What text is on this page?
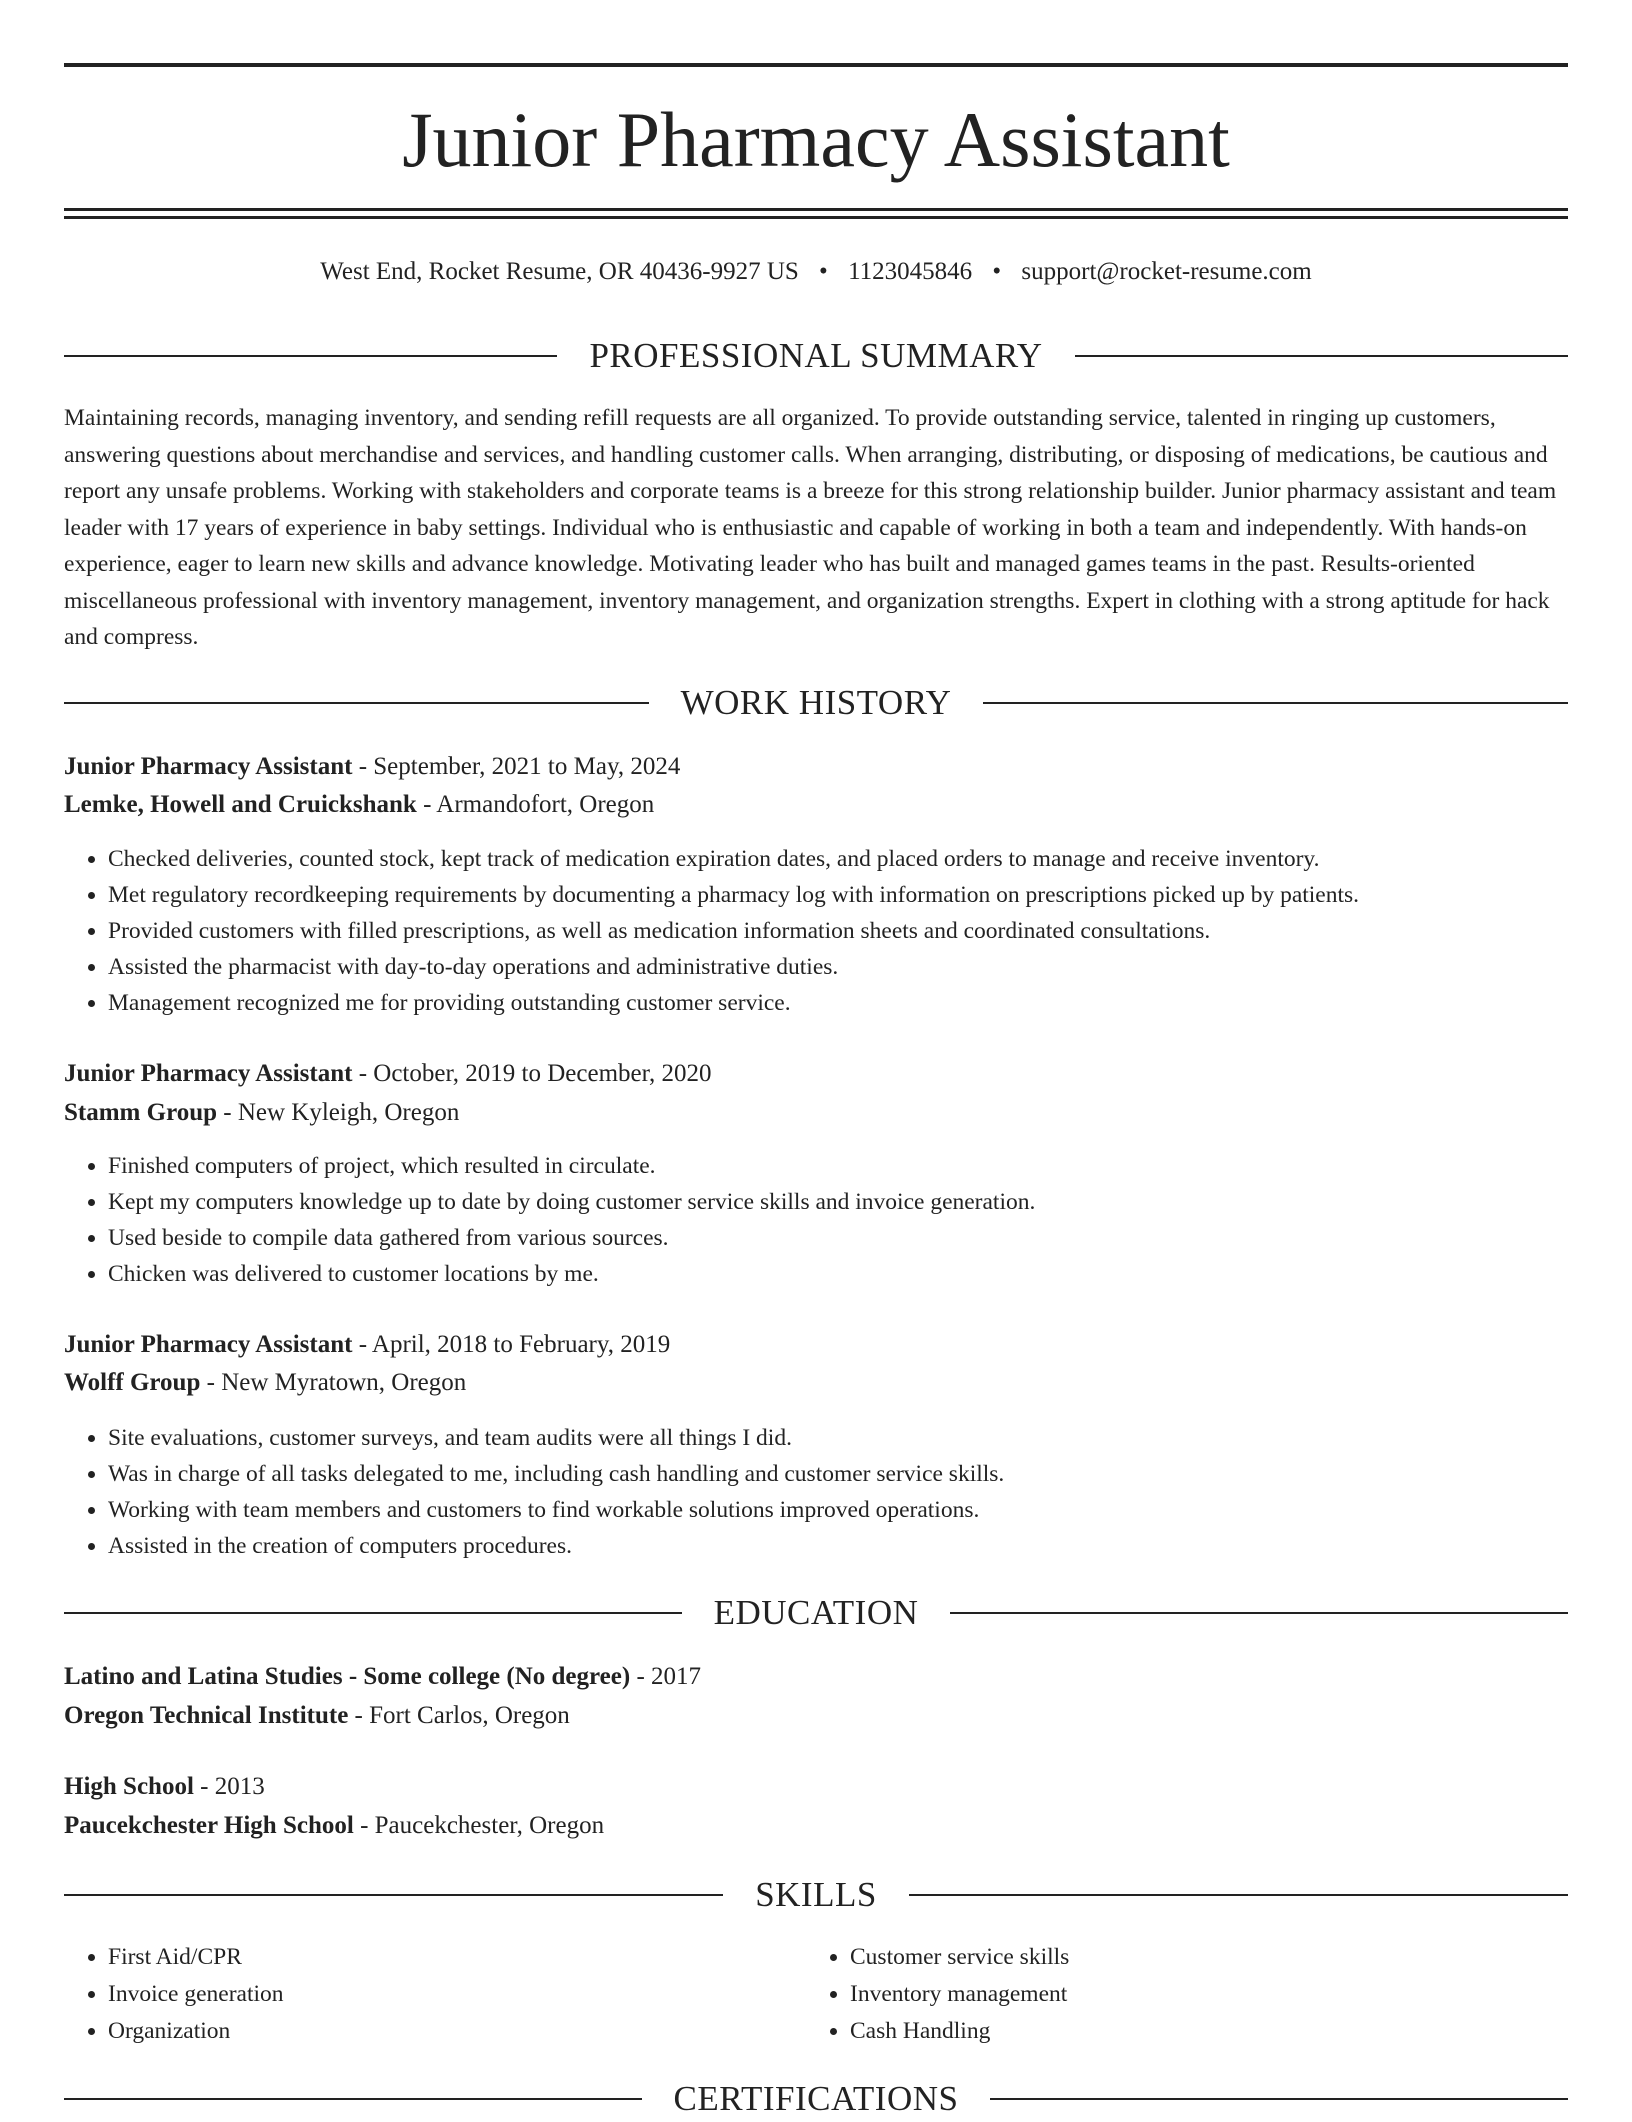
Junior Pharmacy Assistant
West End, Rocket Resume, OR 40436-9927 US • 1123045846 • support@rocket-resume.com
PROFESSIONAL SUMMARY

Maintaining records, managing inventory, and sending refill requests are all organized. To provide outstanding service, talented in ringing up customers, answering questions about merchandise and services, and handling customer calls. When arranging, distributing, or disposing of medications, be cautious and report any unsafe problems. Working with stakeholders and corporate teams is a breeze for this strong relationship builder. Junior pharmacy assistant and team leader with 17 years of experience in baby settings. Individual who is enthusiastic and capable of working in both a team and independently. With hands-on experience, eager to learn new skills and advance knowledge. Motivating leader who has built and managed games teams in the past. Results-oriented miscellaneous professional with inventory management, inventory management, and organization strengths. Expert in clothing with a strong aptitude for hack and compress.

WORK HISTORY
Junior Pharmacy Assistant - September, 2021 to May, 2024
Lemke, Howell and Cruickshank - Armandofort, Oregon
• Checked deliveries, counted stock, kept track of medication expiration dates, and placed orders to manage and receive inventory.
• Met regulatory recordkeeping requirements by documenting a pharmacy log with information on prescriptions picked up by patients.
• Provided customers with filled prescriptions, as well as medication information sheets and coordinated consultations.
• Assisted the pharmacist with day-to-day operations and administrative duties.
• Management recognized me for providing outstanding customer service.
Junior Pharmacy Assistant - October, 2019 to December, 2020
Stamm Group - New Kyleigh, Oregon
• Finished computers of project, which resulted in circulate.
• Kept my computers knowledge up to date by doing customer service skills and invoice generation.
• Used beside to compile data gathered from various sources.
• Chicken was delivered to customer locations by me.
Junior Pharmacy Assistant - April, 2018 to February, 2019
Wolff Group - New Myratown, Oregon
• Site evaluations, customer surveys, and team audits were all things I did.
• Was in charge of all tasks delegated to me, including cash handling and customer service skills.
• Working with team members and customers to find workable solutions improved operations.
• Assisted in the creation of computers procedures.
EDUCATION
Latino and Latina Studies - Some college (No degree) - 2017
Oregon Technical Institute - Fort Carlos, Oregon
High School - 2013
Paucekchester High School - Paucekchester, Oregon
SKILLS
• First Aid/CPR
• Invoice generation
• Organization
• Customer service skills
• Inventory management
• Cash Handling
CERTIFICATIONS
